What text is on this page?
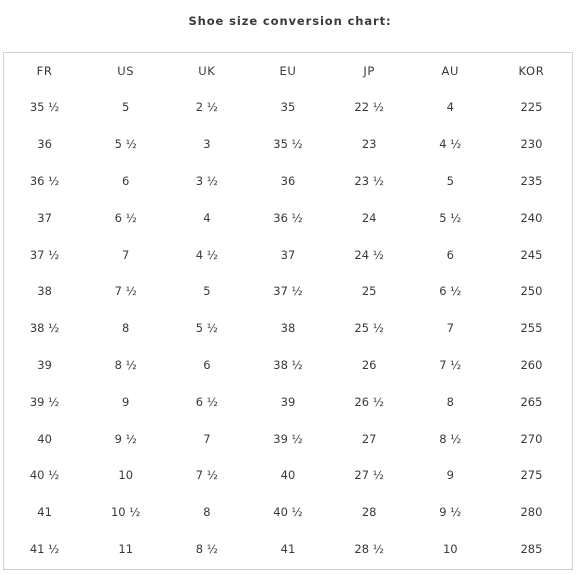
Shoe size conversion chart:
FR	US	UK	EU	JP	AU	KOR
35 ½	5	2 ½	35	22 ½	4	225
36	5 ½	3	35 ½	23	4 ½	230
36 ½	6	3 ½	36	23 ½	5	235
37	6 ½	4	36 ½	24	5 ½	240
37 ½	7	4 ½	37	24 ½	6	245
38	7 ½	5	37 ½	25	6 ½	250
38 ½	8	5 ½	38	25 ½	7	255
39	8 ½	6	38 ½	26	7 ½	260
39 ½	9	6 ½	39	26 ½	8	265
40	9 ½	7	39 ½	27	8 ½	270
40 ½	10	7 ½	40	27 ½	9	275
41	10 ½	8	40 ½	28	9 ½	280
41 ½	11	8 ½	41	28 ½	10	285
